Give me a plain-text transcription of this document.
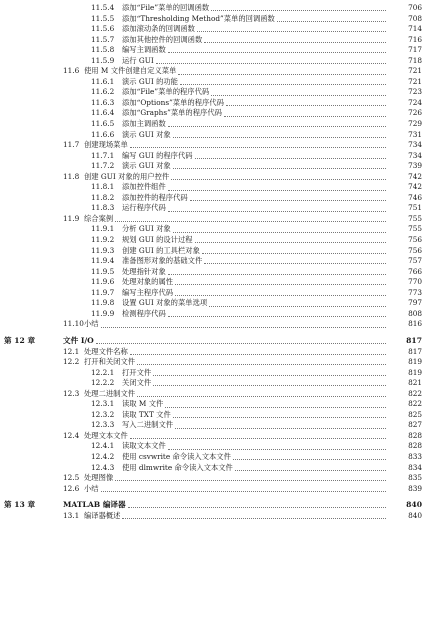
11.5.4 添加“File”菜单的回调函数	706
11.5.5 添加“Thresholding Method”菜单的回调函数	708
11.5.6 添加滚动条的回调函数	714
11.5.7 添加其他控件的回调函数	716
11.5.8 编写主调函数	717
11.5.9 运行 GUI	718
11.6 使用 M 文件创建自定义菜单	721
11.6.1 演示 GUI 的功能	721
11.6.2 添加“File”菜单的程序代码	723
11.6.3 添加“Options”菜单的程序代码	724
11.6.4 添加“Graphs”菜单的程序代码	726
11.6.5 添加主调函数	729
11.6.6 演示 GUI 对象	731
11.7 创建现场菜单	734
11.7.1 编写 GUI 的程序代码	734
11.7.2 演示 GUI 对象	739
11.8 创建 GUI 对象的用户控件	742
11.8.1 添加控件组件	742
11.8.2 添加控件的程序代码	746
11.8.3 运行程序代码	751
11.9 综合案例	755
11.9.1 分析 GUI 对象	755
11.9.2 规划 GUI 的设计过程	756
11.9.3 创建 GUI 的工具栏对象	756
11.9.4 准备图形对象的基础文件	757
11.9.5 处理指针对象	766
11.9.6 处理对象的属性	770
11.9.7 编写主程序代码	773
11.9.8 设置 GUI 对象的菜单选项	797
11.9.9 检测程序代码	808
11.10 小结	816
第 12 章	文件 I/O	817
12.1 处理文件名称	817
12.2 打开和关闭文件	819
12.2.1 打开文件	819
12.2.2 关闭文件	821
12.3 处理二进制文件	822
12.3.1 读取 M 文件	822
12.3.2 读取 TXT 文件	825
12.3.3 写入二进制文件	827
12.4 处理文本文件	828
12.4.1 读取文本文件	828
12.4.2 使用 csvwrite 命令读入文本文件	833
12.4.3 使用 dlmwrite 命令读入文本文件	834
12.5 处理图像	835
12.6 小结	839
第 13 章	MATLAB 编译器	840
13.1 编译器概述	840
